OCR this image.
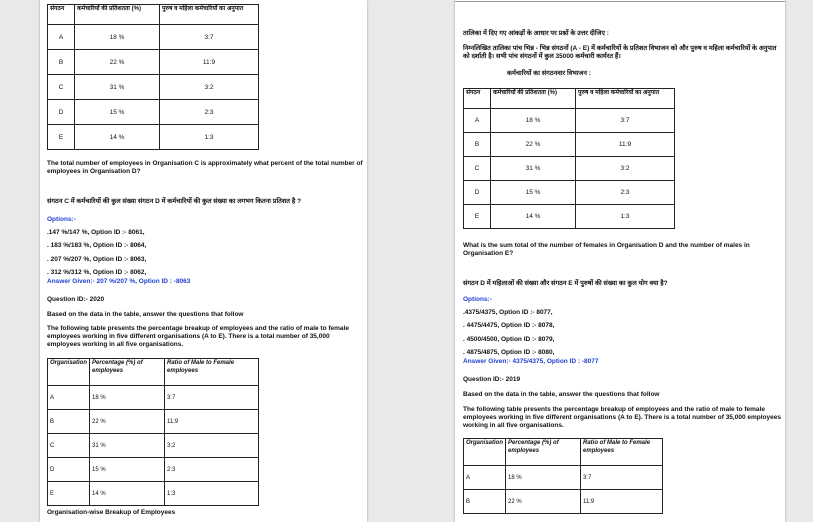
संगठन	कर्मचारियों की प्रतिशतता (%)	पुरुष व महिला कर्मचारियों का अनुपात
A	18 %	3:7
B	22 %	11:9
C	31 %	3:2
D	15 %	2:3
E	14 %	1:3
The total number of employees in Organisation C is approximately what percent of the total number of employees in Organisation D?
संगठन C में कर्मचारियों की कुल संख्या संगठन D में कर्मचारियों की कुल संख्या का लगभग कितना प्रतिशत है ?
Options:-
.147 %/147 %, Option ID :- 8061,
. 183 %/183 %, Option ID :- 8064,
. 207 %/207 %, Option ID :- 8063,
. 312 %/312 %, Option ID :- 8062,
Answer Given:- 207 %/207 %, Option ID : -8063
Question ID:- 2020
Based on the data in the table, answer the questions that follow
The following table presents the percentage breakup of employees and the ratio of male to female employees working in five different organisations (A to E). There is a total number of 35,000 employees working in all five organisations.
Organisation	Percentage (%) of employees	Ratio of Male to Female employees
A	18 %	3:7
B	22 %	11:9
C	31 %	3:2
D	15 %	2:3
E	14 %	1:3
Organisation-wise Breakup of Employees
तालिका में दिए गए आंकड़ों के आधार पर प्रश्नों के उत्तर दीजिए :
निम्नलिखित तालिका पांच भिन्न - भिन्न संगठनों (A - E) में कर्मचारियों के प्रतिशत विभाजन को और पुरुष व महिला कर्मचारियों के अनुपात को दर्शाती है। सभी पांच संगठनों में कुल 35000 कर्मचारी कार्यरत हैं।
कर्मचारियों का संगठनवार विभाजन :
संगठन	कर्मचारियों की प्रतिशतता (%)	पुरुष व महिला कर्मचारियों का अनुपात
A	18 %	3:7
B	22 %	11:9
C	31 %	3:2
D	15 %	2:3
E	14 %	1:3
What is the sum total of the number of females in Organisation D and the number of males in Organisation E?
संगठन D में महिलाओं की संख्या और संगठन E में पुरुषों की संख्या का कुल योग क्या है?
Options:-
.4375/4375, Option ID :- 8077,
. 4475/4475, Option ID :- 8078,
. 4500/4500, Option ID :- 8079,
. 4875/4875, Option ID :- 8080,
Answer Given:- 4375/4375, Option ID : -8077
Question ID:- 2019
Based on the data in the table, answer the questions that follow
The following table presents the percentage breakup of employees and the ratio of male to female employees working in five different organisations (A to E). There is a total number of 35,000 employees working in all five organisations.
Organisation	Percentage (%) of employees	Ratio of Male to Female employees
A	18 %	3:7
B	22 %	11:9
